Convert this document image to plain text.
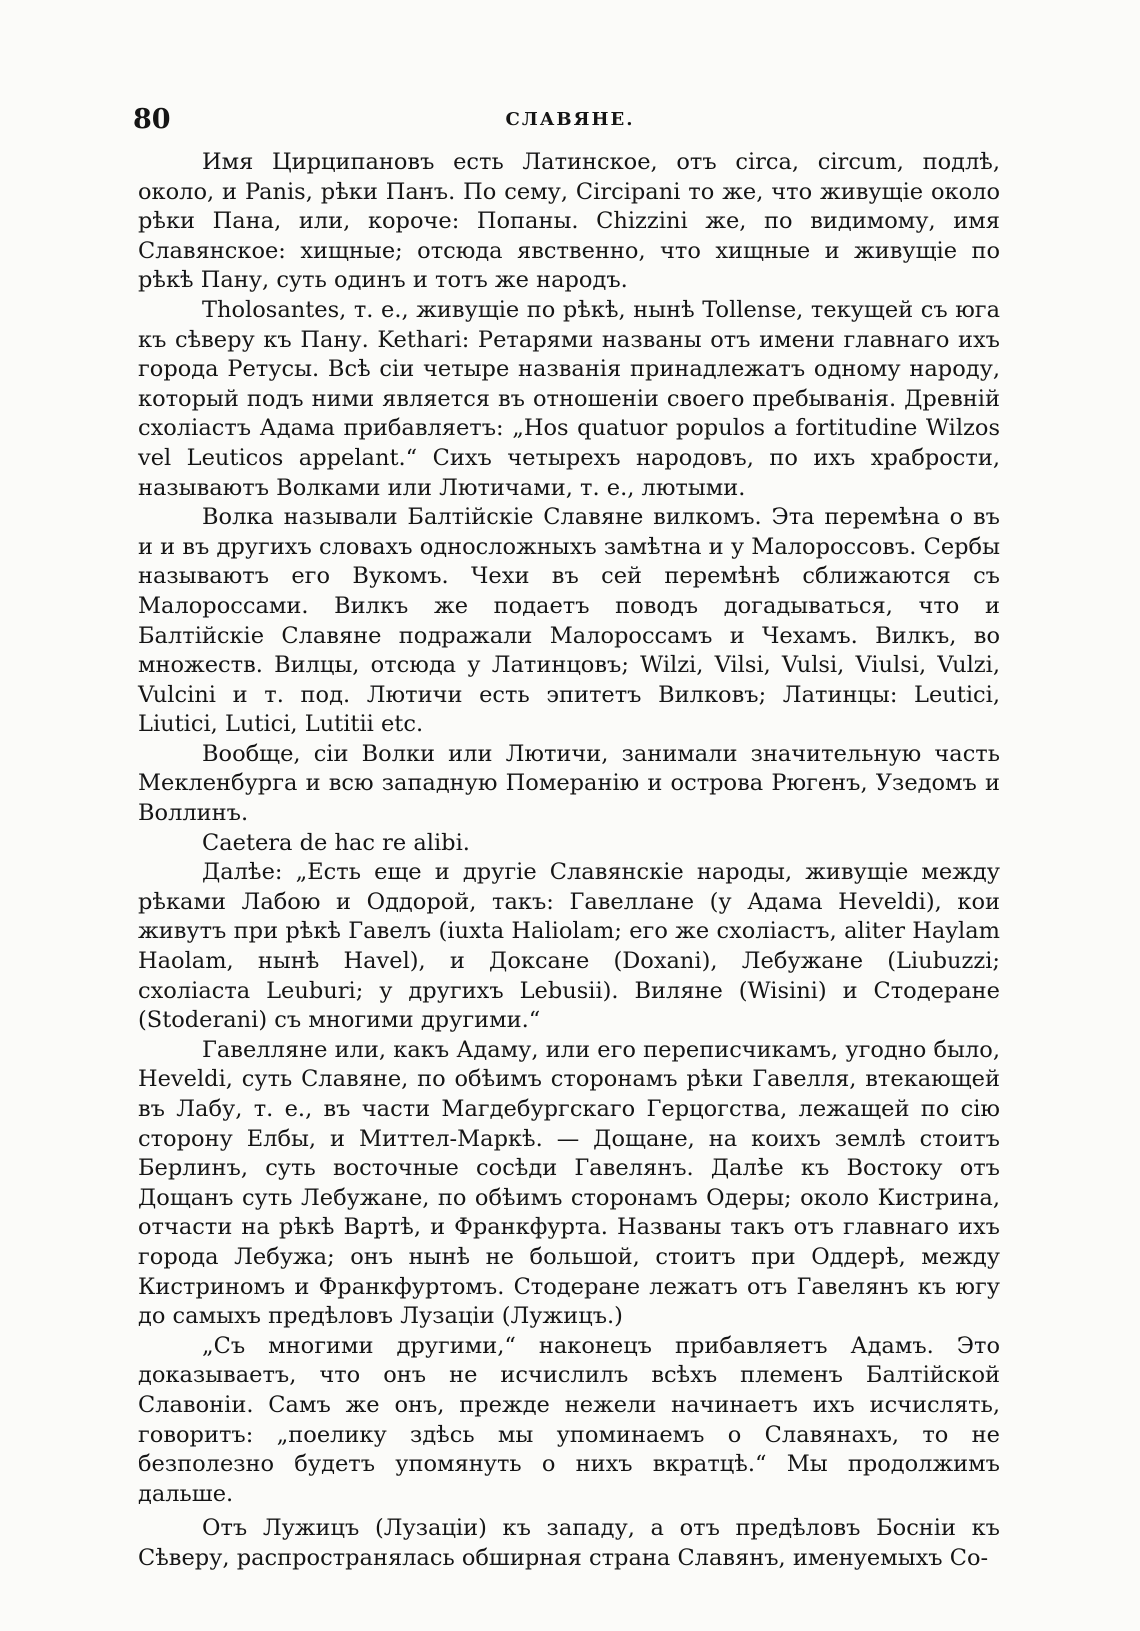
80	СЛАВЯНЕ.

Имя Цирципановъ есть Латинское, отъ circa, circum, подлѣ, около, и Panis, рѣки Панъ. По сему, Circipani то же, что живущіе около рѣки Пана, или, короче: Попаны. Chizzini же, по видимому, имя Славянское: хищные; отсюда явственно, что хищные и живущіе по рѣкѣ Пану, суть одинъ и тотъ же народъ.

Tholosantes, т. е., живущіе по рѣкѣ, нынѣ Tollense, текущей съ юга къ сѣверу къ Пану. Kethari: Ретарями названы отъ имени главнаго ихъ города Ретусы. Всѣ сіи четыре названія принадлежатъ одному народу, который подъ ними является въ отношеніи своего пребыванія. Древній схоліастъ Адама прибавляетъ: „Hos quatuor populos a fortitudine Wilzos vel Leuticos appelant.“ Сихъ четырехъ народовъ, по ихъ храбрости, называютъ Волками или Лютичами, т. е., лютыми.

Волка называли Балтійскіе Славяне вилкомъ. Эта перемѣна о въ и и въ другихъ словахъ односложныхъ замѣтна и у Малороссовъ. Сербы называютъ его Вукомъ. Чехи въ сей перемѣнѣ сближаются съ Малороссами. Вилкъ же подаетъ поводъ догадываться, что и Балтійскіе Славяне подражали Малороссамъ и Чехамъ. Вилкъ, во множеств. Вилцы, отсюда у Латинцовъ; Wilzi, Vilsi, Vulsi, Viulsi, Vulzi, Vulcini и т. под. Лютичи есть эпитетъ Вилковъ; Латинцы: Leutici, Liutici, Lutici, Lutitii etc.

Вообще, сіи Волки или Лютичи, занимали значительную часть Мекленбурга и всю западную Померанію и острова Рюгенъ, Узедомъ и Воллинъ.

Caetera de hac re alibi.

Далѣе: „Есть еще и другіе Славянскіе народы, живущіе между рѣками Лабою и Оддорой, такъ: Гавеллане (у Адама Heveldi), кои живутъ при рѣкѣ Гавелъ (iuxta Haliolam; его же схоліастъ, aliter Haylam Haolam, нынѣ Havel), и Доксане (Doxani), Лебужане (Liubuzzi; схоліаста Leuburi; у другихъ Lebusii). Виляне (Wisini) и Стодеране (Stoderani) съ многими другими.“

Гавелляне или, какъ Адаму, или его переписчикамъ, угодно было, Heveldi, суть Славяне, по обѣимъ сторонамъ рѣки Гавелля, втекающей въ Лабу, т. е., въ части Магдебургскаго Герцогства, лежащей по сію сторону Елбы, и Миттел-Маркѣ. — Дощане, на коихъ землѣ стоитъ Берлинъ, суть восточные сосѣди Гавелянъ. Далѣе къ Востоку отъ Дощанъ суть Лебужане, по обѣимъ сторонамъ Одеры; около Кистрина, отчасти на рѣкѣ Вартѣ, и Франкфурта. Названы такъ отъ главнаго ихъ города Лебужа; онъ нынѣ не большой, стоитъ при Оддерѣ, между Кистриномъ и Франкфуртомъ. Стодеране лежатъ отъ Гавелянъ къ югу до самыхъ предѣловъ Лузаціи (Лужицъ.)

„Съ многими другими,“ наконецъ прибавляетъ Адамъ. Это доказываетъ, что онъ не исчислилъ всѣхъ племенъ Балтійской Славоніи. Самъ же онъ, прежде нежели начинаетъ ихъ исчислять, говоритъ: „поелику здѣсь мы упоминаемъ о Славянахъ, то не безполезно будетъ упомянуть о нихъ вкратцѣ.“ Мы продолжимъ дальше.

Отъ Лужицъ (Лузаціи) къ западу, а отъ предѣловъ Босніи къ Сѣверу, распространялась обширная страна Славянъ, именуемыхъ Со-
